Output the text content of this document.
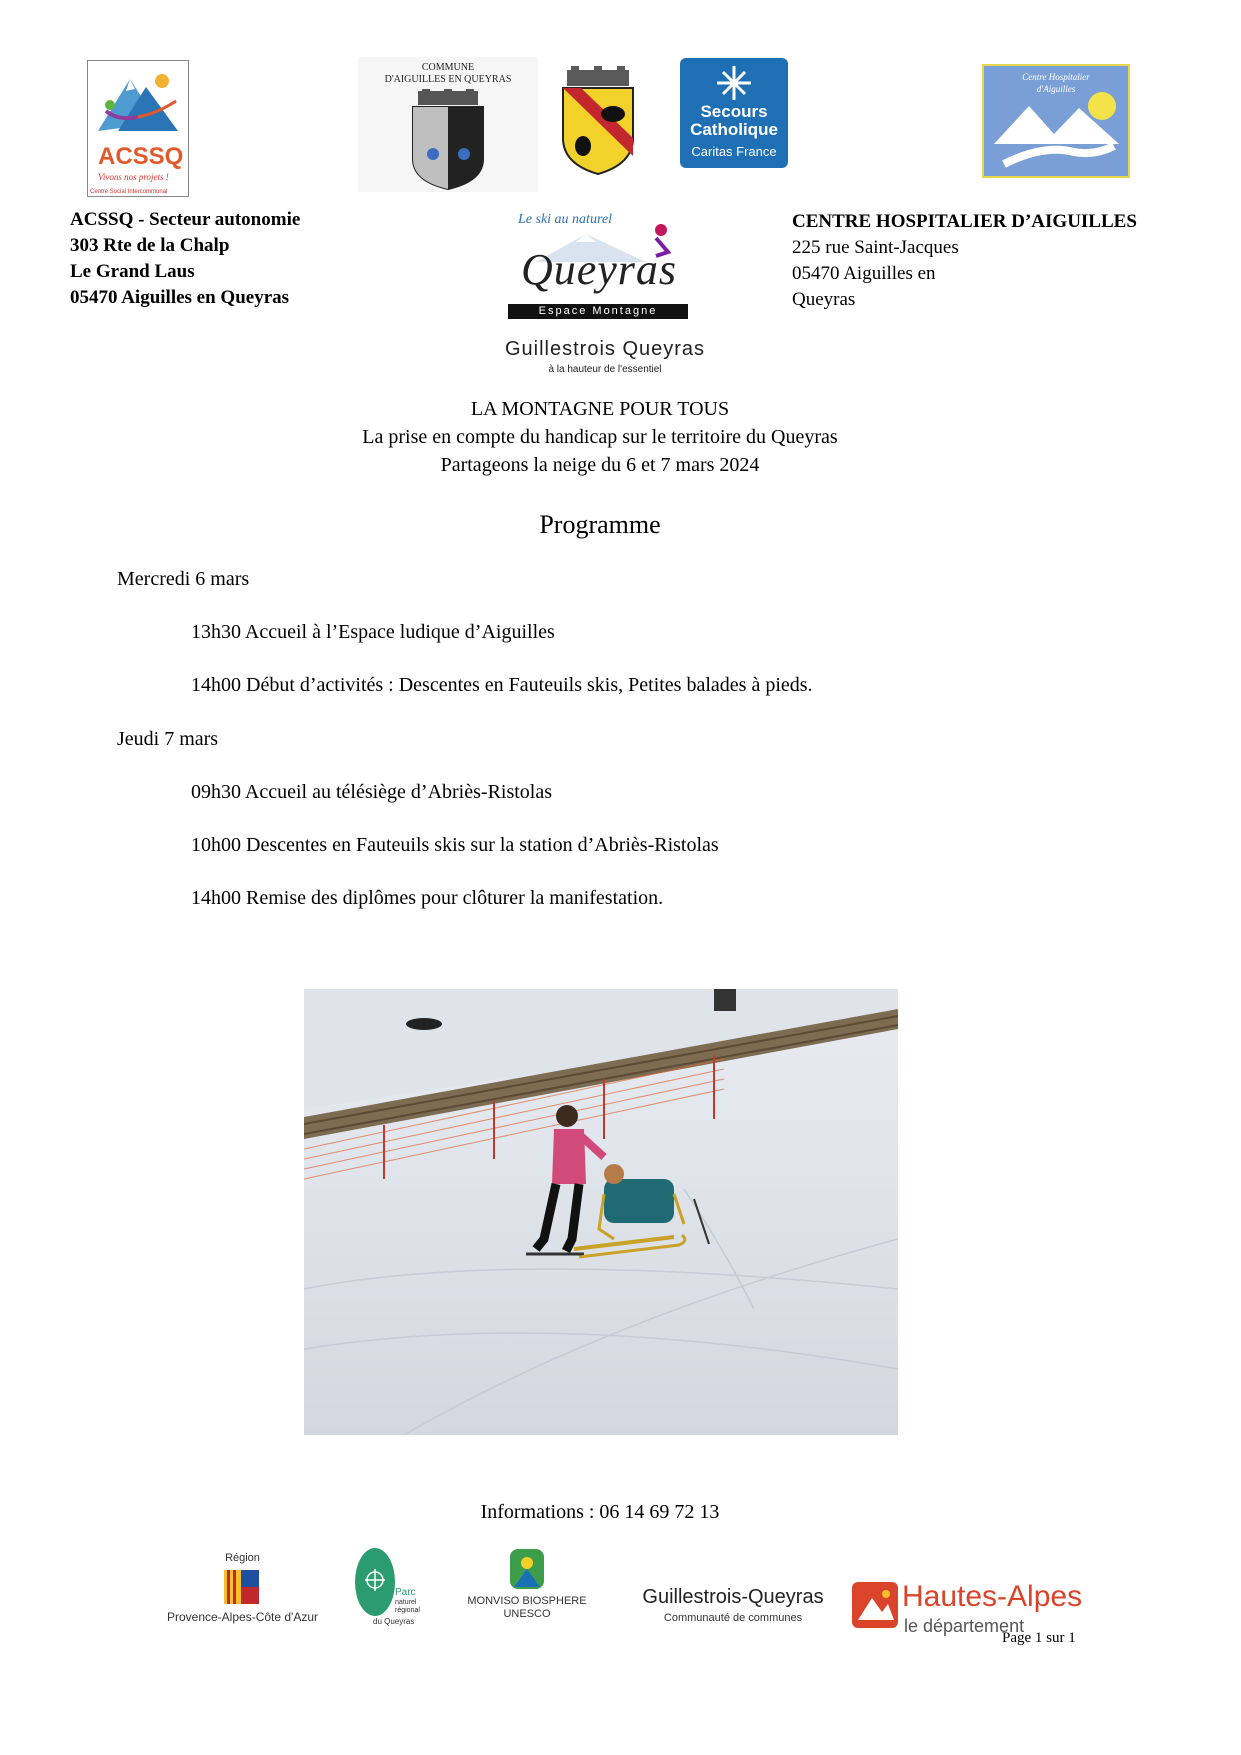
ACSSQ
Vivons nos projets !
Centre Social Intercommunal
COMMUNE
D'AIGUILLES EN QUEYRAS
Secours
Catholique
Caritas France
Centre Hospitalier
d'Aiguilles
ACSSQ - Secteur autonomie
303 Rte de la Chalp
Le Grand Laus
05470 Aiguilles en Queyras
CENTRE HOSPITALIER D’AIGUILLES
225 rue Saint-Jacques
05470 Aiguilles en
Queyras
Le ski au naturel
Queyras
Espace Montagne
Guillestrois Queyras
à la hauteur de l'essentiel
LA MONTAGNE POUR TOUS
La prise en compte du handicap sur le territoire du Queyras
Partageons la neige du 6 et 7 mars 2024
Programme
Mercredi 6 mars
13h30 Accueil à l’Espace ludique d’Aiguilles
14h00 Début d’activités : Descentes en Fauteuils skis, Petites balades à pieds.
Jeudi 7 mars
09h30 Accueil au télésiège d’Abriès-Ristolas
10h00 Descentes en Fauteuils skis sur la station d’Abriès-Ristolas
14h00 Remise des diplômes pour clôturer la manifestation.
Informations : 06 14 69 72 13
Région
Provence-Alpes-Côte d'Azur
Parc
naturel
régional
du Queyras
MONVISO BIOSPHERE
UNESCO
Guillestrois-Queyras
Communauté de communes
Hautes-Alpes
le département
Page 1 sur 1
